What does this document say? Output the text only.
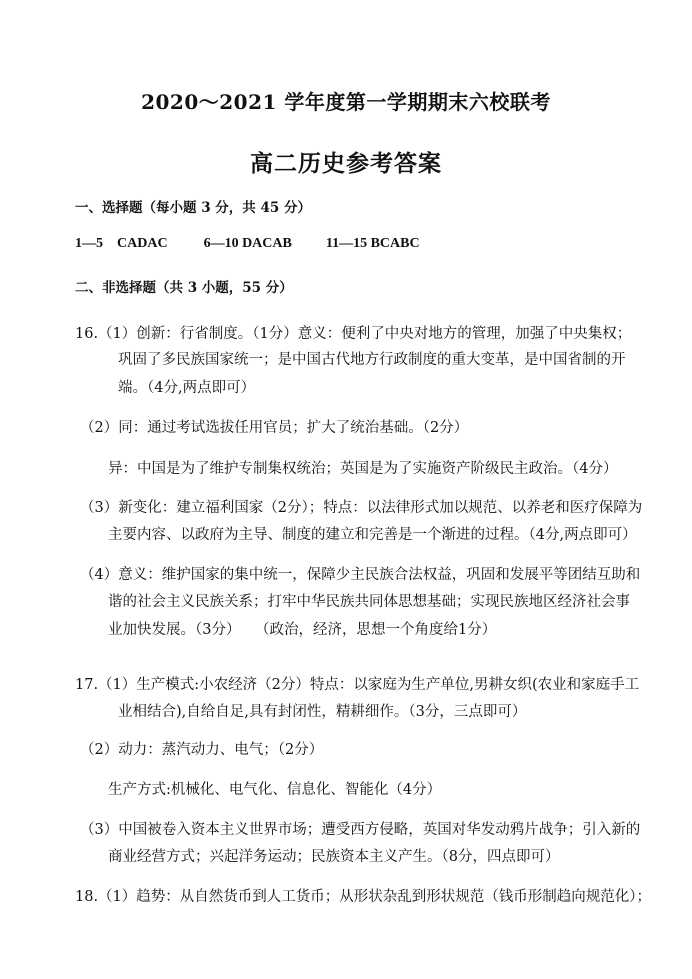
2020～2021 学年度第一学期期末六校联考
高二历史参考答案
一、选择题（每小题 3 分，共 45 分）
1—5　CADAC	6—10 DACAB 11—15 BCABC
二、非选择题（共 3 小题，55 分）
16.（1）创新：行省制度。（1分）意义：便利了中央对地方的管理，加强了中央集权；
巩固了多民族国家统一；是中国古代地方行政制度的重大变革，是中国省制的开
端。（4分,两点即可）
（2）同：通过考试选拔任用官员；扩大了统治基础。（2分）
异：中国是为了维护专制集权统治；英国是为了实施资产阶级民主政治。（4分）
（3）新变化：建立福利国家（2分）；特点：以法律形式加以规范、以养老和医疗保障为
主要内容、以政府为主导、制度的建立和完善是一个渐进的过程。（4分,两点即可）
（4）意义：维护国家的集中统一，保障少主民族合法权益，巩固和发展平等团结互助和
谐的社会主义民族关系；打牢中华民族共同体思想基础；实现民族地区经济社会事
业加快发展。（3分）　　（政治，经济，思想一个角度给1分）
17.（1）生产模式:小农经济（2分）特点：以家庭为生产单位,男耕女织(农业和家庭手工
业相结合),自给自足,具有封闭性，精耕细作。（3分，三点即可）
（2）动力：蒸汽动力、电气；（2分）
生产方式:机械化、电气化、信息化、智能化（4分）
（3）中国被卷入资本主义世界市场；遭受西方侵略，英国对华发动鸦片战争；引入新的
商业经营方式；兴起洋务运动；民族资本主义产生。（8分，四点即可）
18.（1）趋势：从自然货币到人工货币；从形状杂乱到形状规范（钱币形制趋向规范化）；
